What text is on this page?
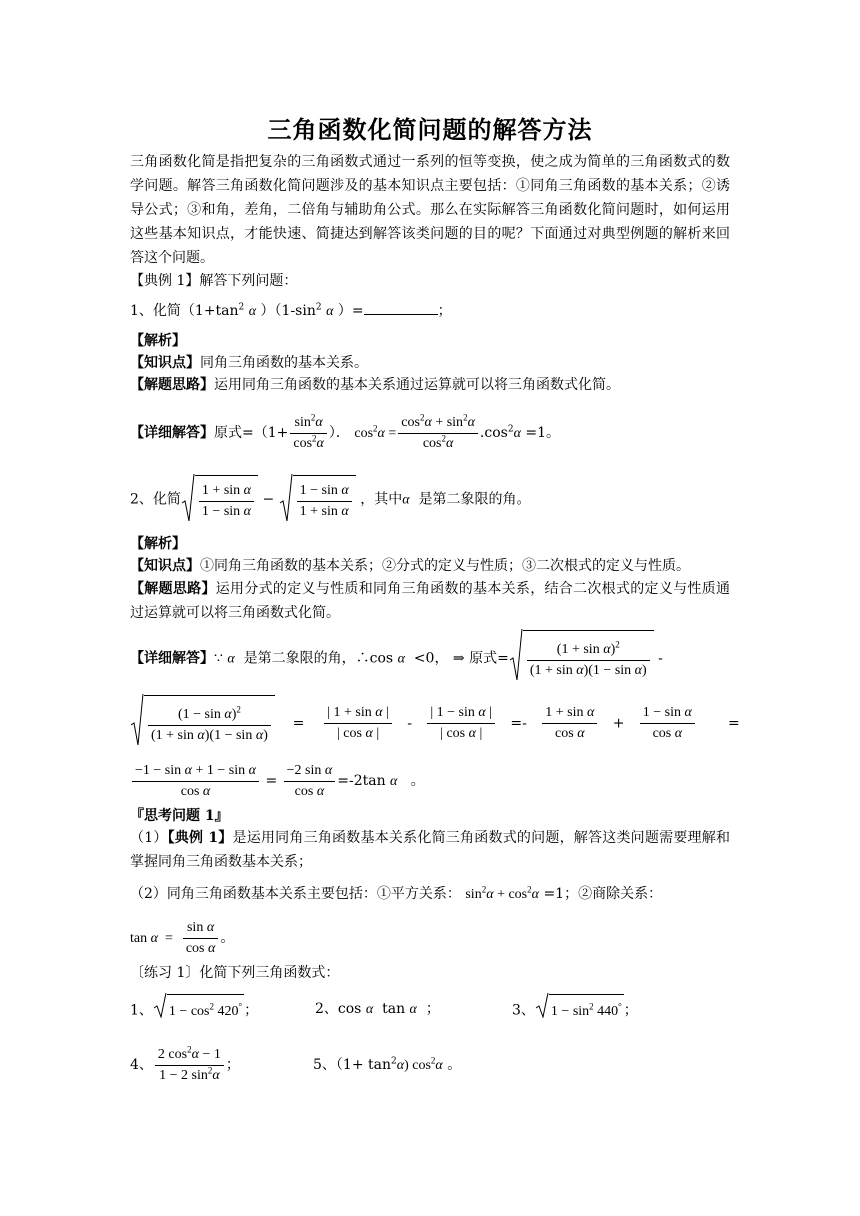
三角函数化简问题的解答方法
三角函数化简是指把复杂的三角函数式通过一系列的恒等变换，使之成为简单的三角函数式的数学问题。解答三角函数化简问题涉及的基本知识点主要包括：①同角三角函数的基本关系；②诱导公式；③和角，差角，二倍角与辅助角公式。那么在实际解答三角函数化简问题时，如何运用这些基本知识点，才能快速、简捷达到解答该类问题的目的呢？下面通过对典型例题的解析来回答这个问题。
【典例 1】解答下列问题：
1、化简（$1+\tan^2$ α ）（$1-\sin^2$ α ）=	；
【解析】
【知识点】同角三角函数的基本关系。
【解题思路】运用同角三角函数的基本关系通过运算就可以将三角函数式化简。
【详细解答】原式$=(1+ \frac{\sin^2\alpha}{\cos^2\alpha}$ ）． $\cos^2\alpha = \frac{\cos^2\alpha + \sin^2\alpha}{\cos^2\alpha} .\cos^2\alpha =1$。
2、化简 $\frac{\text{1 + sin α}}{\text{1 − sin α}} - \frac{\text{1 − sin α}}{\text{1 + sin α}}$ ，其中α 是第二象限的角。
【解析】
【知识点】①同角三角函数的基本关系；②分式的定义与性质；③二次根式的定义与性质。
【解题思路】运用分式的定义与性质和同角三角函数的基本关系，结合二次根式的定义与性质通过运算就可以将三角函数式化简。
【详细解答】∵ α 是第二象限的角，∴cos α <0， ⇒ 原式= $\frac{(1 + \sin \alpha)^2}{\text{(1 + sin α)(1 − sin α)}}$ -
$\frac{(1 - \sin \alpha)^2}{\text{(1 + sin α)(1 − sin α)}} = \frac{\text{| 1 + sin α |}}{\text{| cos α |}} - \frac{\text{| 1 − sin α |}}{\text{| cos α |}} =- \frac{\text{1 + sin α}}{\text{cos α}} + \frac{\text{1 − sin α}}{\text{cos α}}$ =
$\frac{\text{−1 − sin α + 1 − sin α}}{\text{cos α}} = \frac{\text{−2 sin α}}{\text{cos α}} =-2\tan$ α 。
『思考问题 1』
（1）【典例 1】是运用同角三角函数基本关系化简三角函数式的问题，解答这类问题需要理解和掌握同角三角函数基本关系；
（2）同角三角函数基本关系主要包括：①平方关系： $\sin^2\alpha + \cos^2\alpha =1$；②商除关系：
$\tan \alpha = \frac{\text{sin α}}{\text{cos α}}$ 。
〔练习 1〕化简下列三角函数式：
1、 $1 - \cos^2 420^\circ$ ；	2、cos α tan α ；	3、 $1 - \sin^2 440^\circ$ ；
4、 $\frac{2 \cos^2\alpha - 1}{1 - 2 \sin^2\alpha}$ ；	5、$(1+ \tan^2\alpha)$ $\cos^2\alpha$ 。
